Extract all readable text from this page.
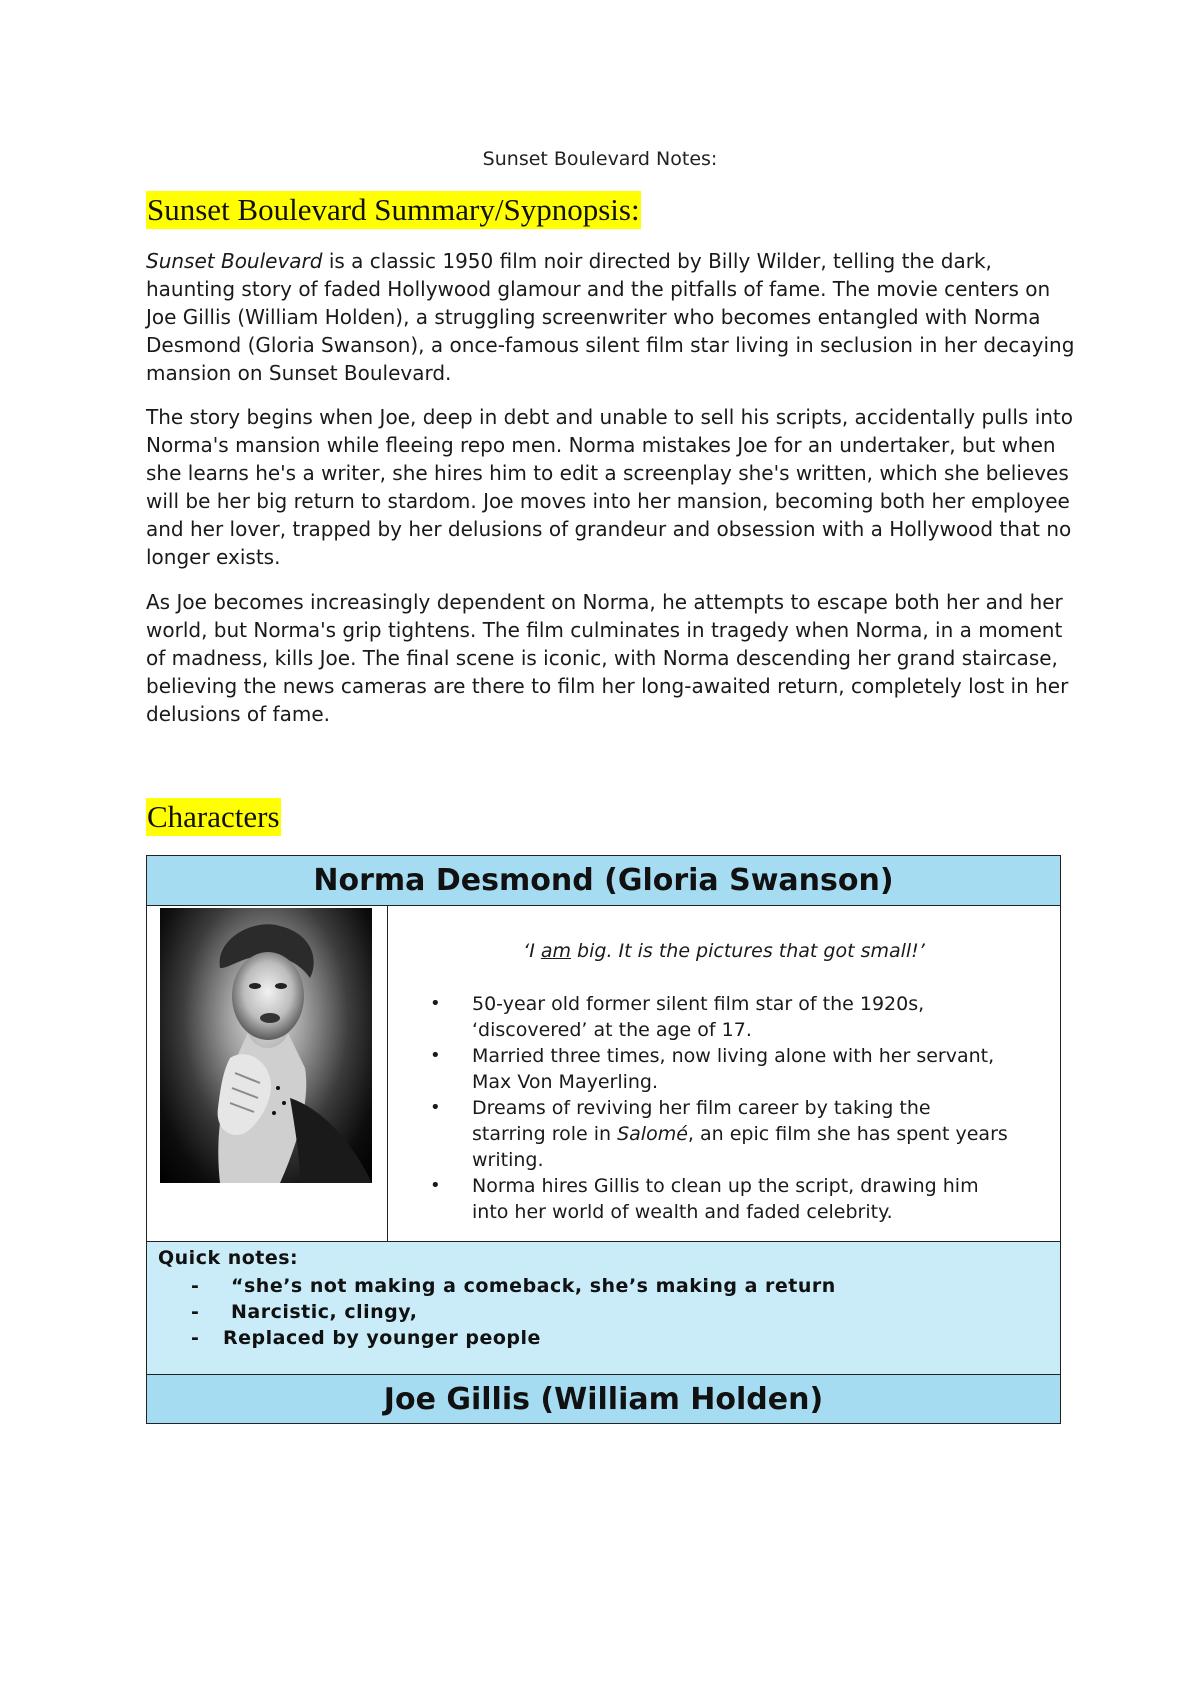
Sunset Boulevard Notes:
Sunset Boulevard Summary/Sypnopsis:
Sunset Boulevard is a classic 1950 film noir directed by Billy Wilder, telling the dark, haunting story of faded Hollywood glamour and the pitfalls of fame. The movie centers on Joe Gillis (William Holden), a struggling screenwriter who becomes entangled with Norma Desmond (Gloria Swanson), a once-famous silent film star living in seclusion in her decaying mansion on Sunset Boulevard.
The story begins when Joe, deep in debt and unable to sell his scripts, accidentally pulls into Norma's mansion while fleeing repo men. Norma mistakes Joe for an undertaker, but when she learns he's a writer, she hires him to edit a screenplay she's written, which she believes will be her big return to stardom. Joe moves into her mansion, becoming both her employee and her lover, trapped by her delusions of grandeur and obsession with a Hollywood that no longer exists.
As Joe becomes increasingly dependent on Norma, he attempts to escape both her and her world, but Norma's grip tightens. The film culminates in tragedy when Norma, in a moment of madness, kills Joe. The final scene is iconic, with Norma descending her grand staircase, believing the news cameras are there to film her long-awaited return, completely lost in her delusions of fame.
Characters
Norma Desmond (Gloria Swanson)
‘I am big. It is the pictures that got small!’
• 50-year old former silent film star of the 1920s, ‘discovered’ at the age of 17.
• Married three times, now living alone with her servant, Max Von Mayerling.
• Dreams of reviving her film career by taking the starring role in Salomé, an epic film she has spent years writing.
• Norma hires Gillis to clean up the script, drawing him into her world of wealth and faded celebrity.
Quick notes:
- “she’s not making a comeback, she’s making a return
- Narcistic, clingy,
- Replaced by younger people
Joe Gillis (William Holden)
